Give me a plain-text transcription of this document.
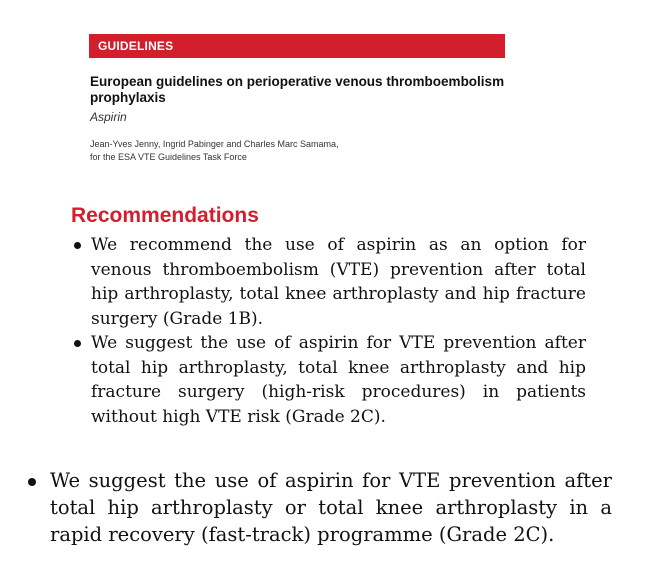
GUIDELINES
European guidelines on perioperative venous thromboembolism prophylaxis
Aspirin
Jean-Yves Jenny, Ingrid Pabinger and Charles Marc Samama,
for the ESA VTE Guidelines Task Force
Recommendations
We recommend the use of aspirin as an option for venous thromboembolism (VTE) prevention after total hip arthroplasty, total knee arthroplasty and hip fracture surgery (Grade 1B).
We suggest the use of aspirin for VTE prevention after total hip arthroplasty, total knee arthroplasty and hip fracture surgery (high-risk procedures) in patients without high VTE risk (Grade 2C).
We suggest the use of aspirin for VTE prevention after total hip arthroplasty or total knee arthroplasty in a rapid recovery (fast-track) programme (Grade 2C).
